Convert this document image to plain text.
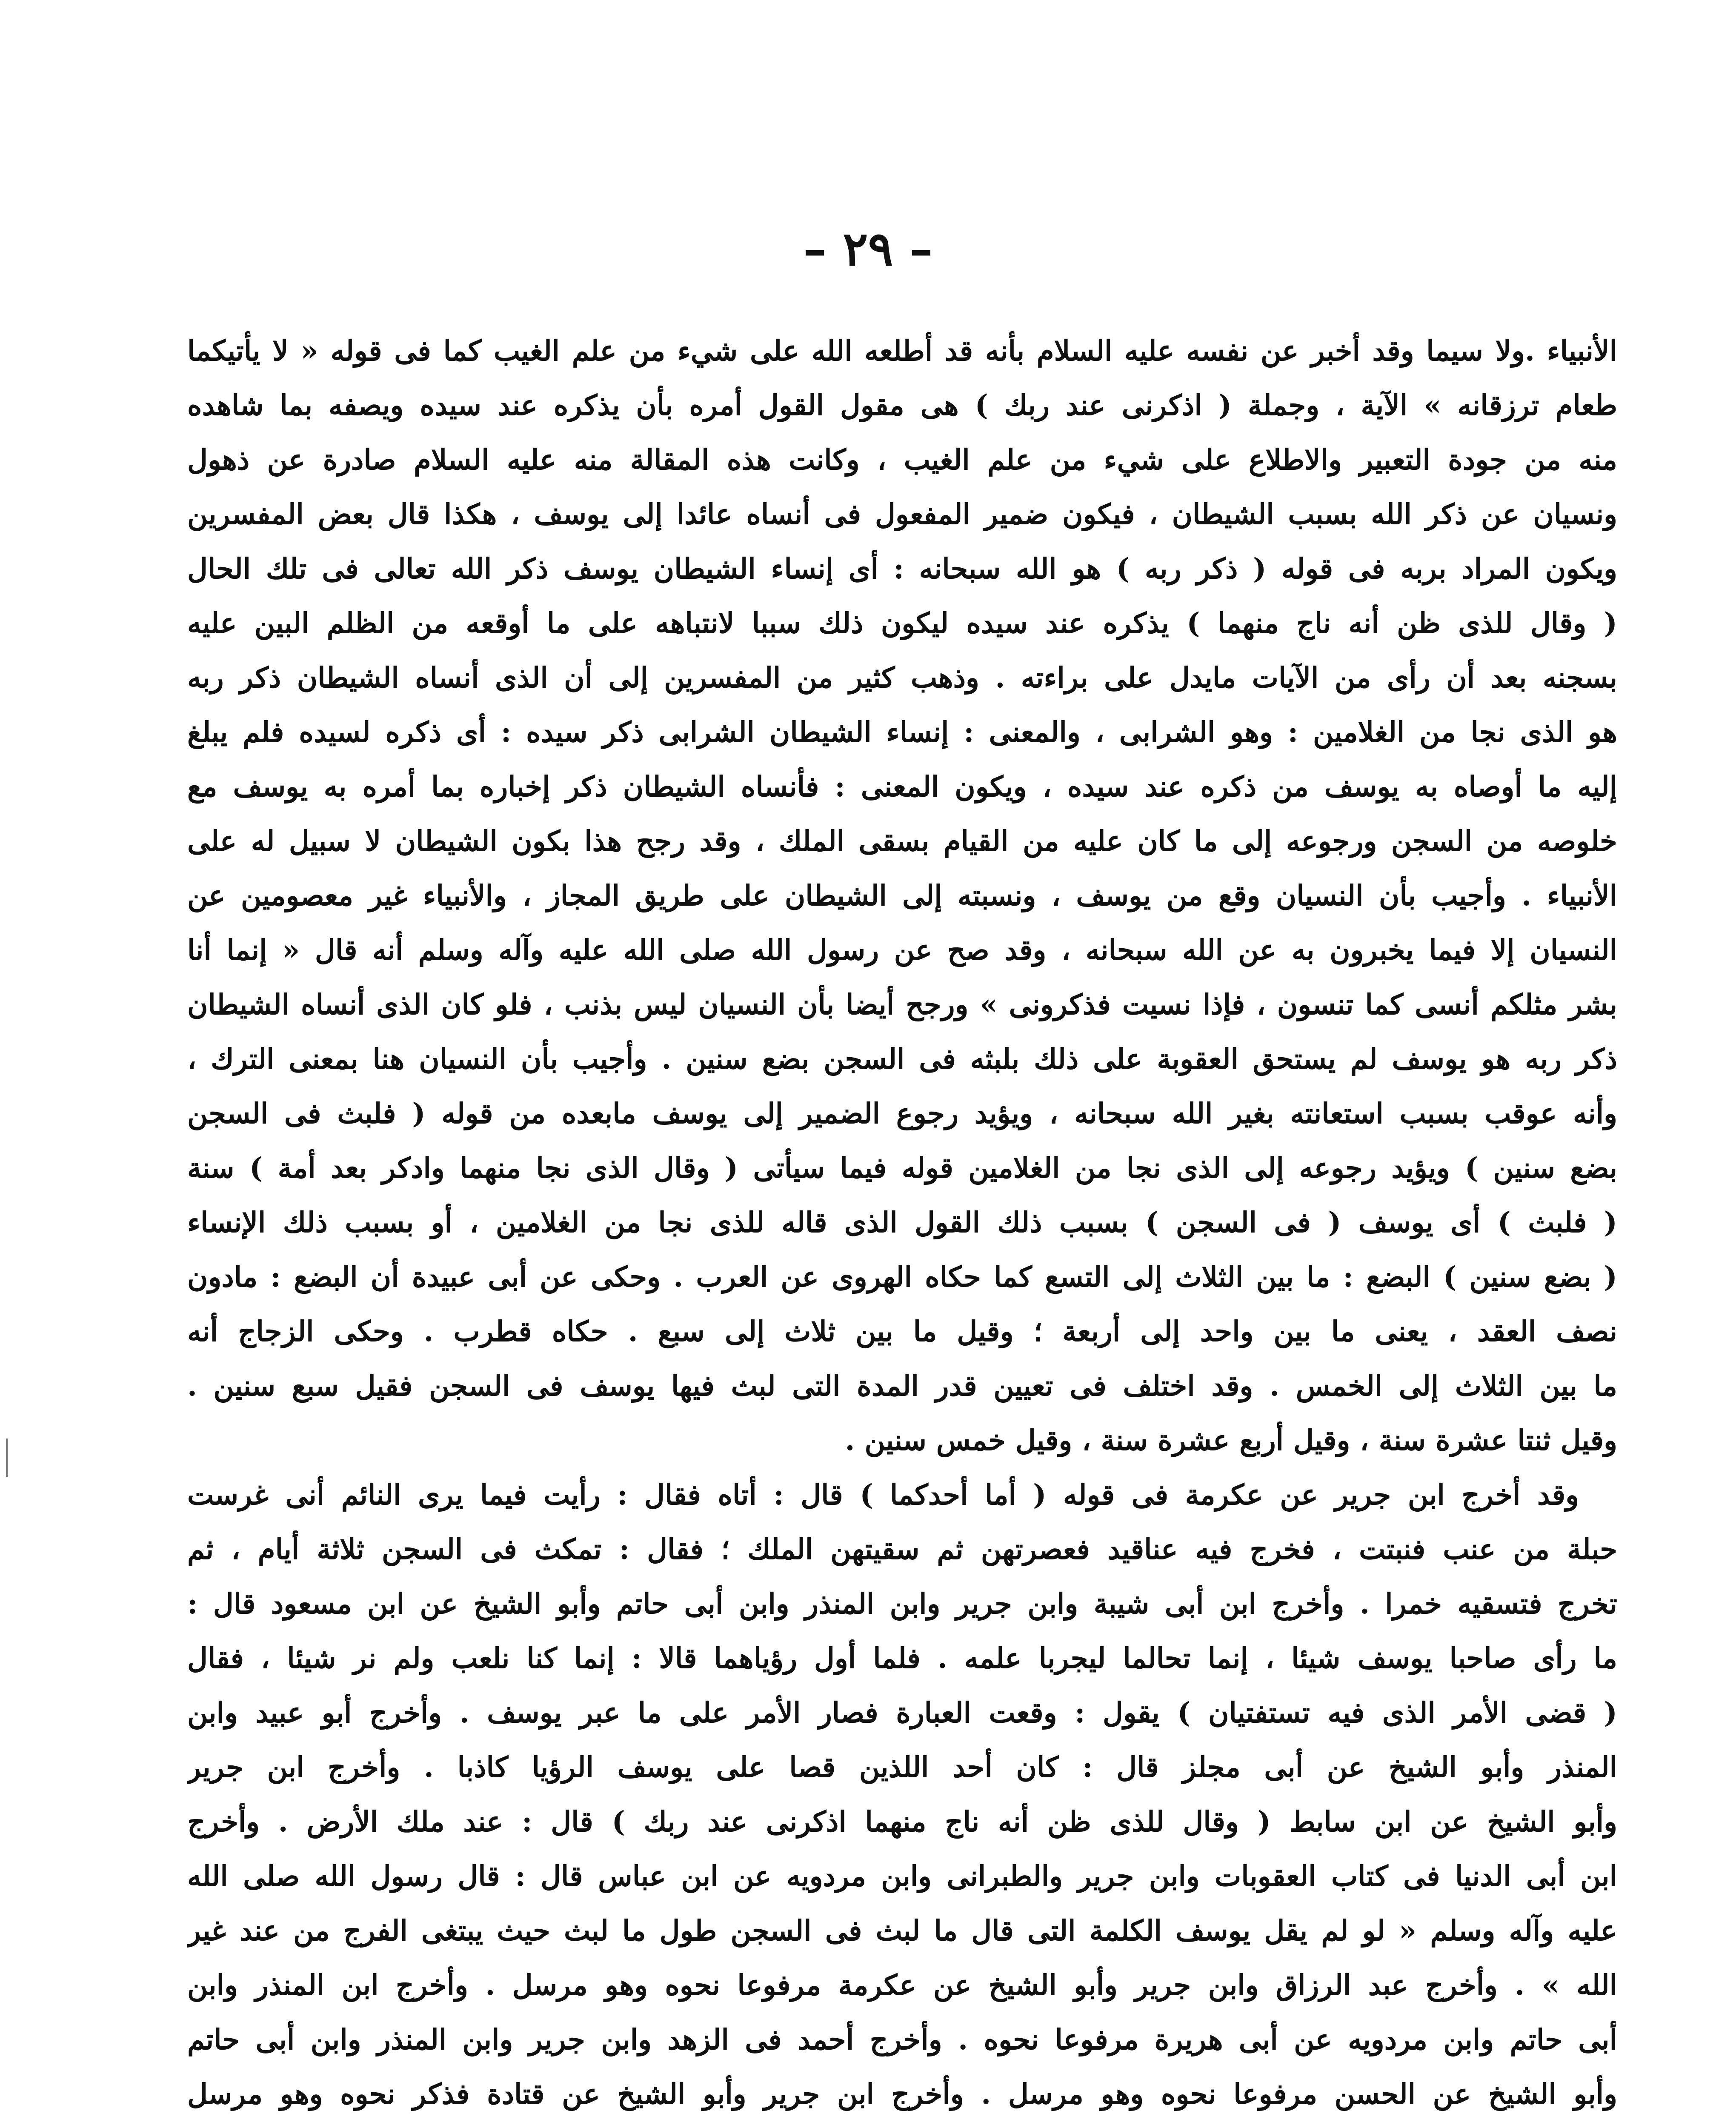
– ٢٩ –
الأنبياء .ولا سيما وقد أخبر عن نفسه عليه السلام بأنه قد أطلعه الله على شيء من علم الغيب كما فى قوله « لا يأتيكما
طعام ترزقانه » الآية ، وجملة ( اذكرنى عند ربك ) هى مقول القول أمره بأن يذكره عند سيده ويصفه بما شاهده
منه من جودة التعبير والاطلاع على شيء من علم الغيب ، وكانت هذه المقالة منه عليه السلام صادرة عن ذهول
ونسيان عن ذكر الله بسبب الشيطان ، فيكون ضمير المفعول فى أنساه عائدا إلى يوسف ، هكذا قال بعض المفسرين
ويكون المراد بربه فى قوله ( ذكر ربه ) هو الله سبحانه : أى إنساء الشيطان يوسف ذكر الله تعالى فى تلك الحال
( وقال للذى ظن أنه ناج منهما ) يذكره عند سيده ليكون ذلك سببا لانتباهه على ما أوقعه من الظلم البين عليه
بسجنه بعد أن رأى من الآيات مايدل على براءته . وذهب كثير من المفسرين إلى أن الذى أنساه الشيطان ذكر ربه
هو الذى نجا من الغلامين : وهو الشرابى ، والمعنى : إنساء الشيطان الشرابى ذكر سيده : أى ذكره لسيده فلم يبلغ
إليه ما أوصاه به يوسف من ذكره عند سيده ، ويكون المعنى : فأنساه الشيطان ذكر إخباره بما أمره به يوسف مع
خلوصه من السجن ورجوعه إلى ما كان عليه من القيام بسقى الملك ، وقد رجح هذا بكون الشيطان لا سبيل له على
الأنبياء . وأجيب بأن النسيان وقع من يوسف ، ونسبته إلى الشيطان على طريق المجاز ، والأنبياء غير معصومين عن
النسيان إلا فيما يخبرون به عن الله سبحانه ، وقد صح عن رسول الله صلى الله عليه وآله وسلم أنه قال « إنما أنا
بشر مثلكم أنسى كما تنسون ، فإذا نسيت فذكرونى » ورجح أيضا بأن النسيان ليس بذنب ، فلو كان الذى أنساه الشيطان
ذكر ربه هو يوسف لم يستحق العقوبة على ذلك بلبثه فى السجن بضع سنين . وأجيب بأن النسيان هنا بمعنى الترك ،
وأنه عوقب بسبب استعانته بغير الله سبحانه ، ويؤيد رجوع الضمير إلى يوسف مابعده من قوله ( فلبث فى السجن
بضع سنين ) ويؤيد رجوعه إلى الذى نجا من الغلامين قوله فيما سيأتى ( وقال الذى نجا منهما وادكر بعد أمة ) سنة
( فلبث ) أى يوسف ( فى السجن ) بسبب ذلك القول الذى قاله للذى نجا من الغلامين ، أو بسبب ذلك الإنساء
( بضع سنين ) البضع : ما بين الثلاث إلى التسع كما حكاه الهروى عن العرب . وحكى عن أبى عبيدة أن البضع : مادون
نصف العقد ، يعنى ما بين واحد إلى أربعة ؛ وقيل ما بين ثلاث إلى سبع . حكاه قطرب . وحكى الزجاج أنه
ما بين الثلاث إلى الخمس . وقد اختلف فى تعيين قدر المدة التى لبث فيها يوسف فى السجن فقيل سبع سنين .
وقيل ثنتا عشرة سنة ، وقيل أربع عشرة سنة ، وقيل خمس سنين .
وقد أخرج ابن جرير عن عكرمة فى قوله ( أما أحدكما ) قال : أتاه فقال : رأيت فيما يرى النائم أنى غرست
حبلة من عنب فنبتت ، فخرج فيه عناقيد فعصرتهن ثم سقيتهن الملك ؛ فقال : تمكث فى السجن ثلاثة أيام ، ثم
تخرج فتسقيه خمرا . وأخرج ابن أبى شيبة وابن جرير وابن المنذر وابن أبى حاتم وأبو الشيخ عن ابن مسعود قال :
ما رأى صاحبا يوسف شيئا ، إنما تحالما ليجربا علمه . فلما أول رؤياهما قالا : إنما كنا نلعب ولم نر شيئا ، فقال
( قضى الأمر الذى فيه تستفتيان ) يقول : وقعت العبارة فصار الأمر على ما عبر يوسف . وأخرج أبو عبيد وابن
المنذر وأبو الشيخ عن أبى مجلز قال : كان أحد اللذين قصا على يوسف الرؤيا كاذبا . وأخرج ابن جرير
وأبو الشيخ عن ابن سابط ( وقال للذى ظن أنه ناج منهما اذكرنى عند ربك ) قال : عند ملك الأرض . وأخرج
ابن أبى الدنيا فى كتاب العقوبات وابن جرير والطبرانى وابن مردويه عن ابن عباس قال : قال رسول الله صلى الله
عليه وآله وسلم « لو لم يقل يوسف الكلمة التى قال ما لبث فى السجن طول ما لبث حيث يبتغى الفرج من عند غير
الله » . وأخرج عبد الرزاق وابن جرير وأبو الشيخ عن عكرمة مرفوعا نحوه وهو مرسل . وأخرج ابن المنذر وابن
أبى حاتم وابن مردويه عن أبى هريرة مرفوعا نحوه . وأخرج أحمد فى الزهد وابن جرير وابن المنذر وابن أبى حاتم
وأبو الشيخ عن الحسن مرفوعا نحوه وهو مرسل . وأخرج ابن جرير وأبو الشيخ عن قتادة فذكر نحوه وهو مرسل
